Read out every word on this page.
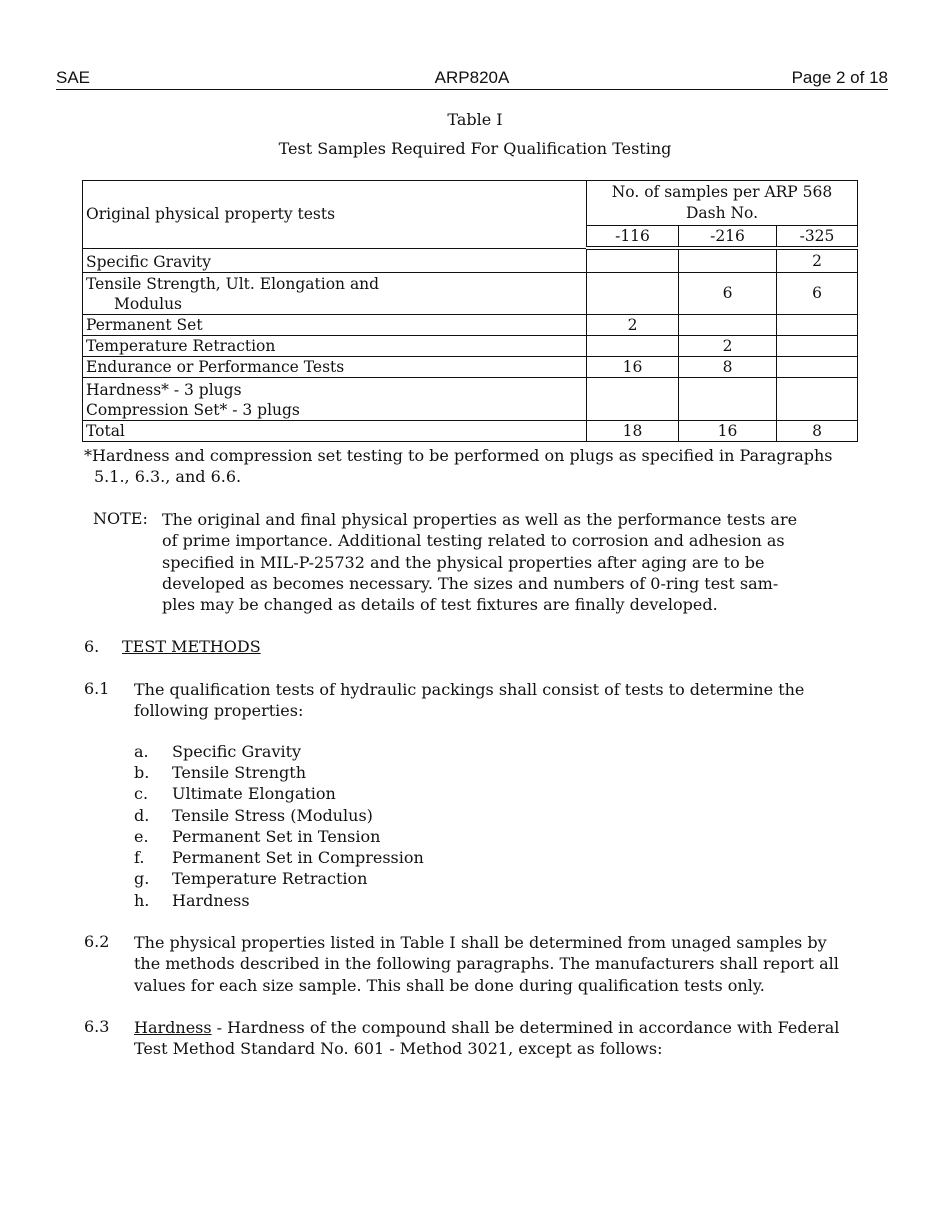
SAE	ARP820A	Page 2 of 18
Table I
Test Samples Required For Qualification Testing
Original physical property tests	No. of samples per ARP 568 Dash No.		
	-116	-216	-325
Specific Gravity			2

Tensile Strength, Ult. Elongation and
Modulus		6	6
Permanent Set	2		
Temperature Retraction		2	
Endurance or Performance Tests	16	8	

Hardness* - 3 plugs
Compression Set* - 3 plugs			

Total	18	16	8
*Hardness and compression set testing to be performed on plugs as specified in Paragraphs
5.1., 6.3., and 6.6.
NOTE: The original and final physical properties as well as the performance tests are
of prime importance. Additional testing related to corrosion and adhesion as
specified in MIL-P-25732 and the physical properties after aging are to be
developed as becomes necessary. The sizes and numbers of 0-ring test sam-
ples may be changed as details of test fixtures are finally developed.
6. TEST METHODS
6.1 The qualification tests of hydraulic packings shall consist of tests to determine the
following properties:
a. Specific Gravity
b. Tensile Strength
c. Ultimate Elongation
d. Tensile Stress (Modulus)
e. Permanent Set in Tension
f. Permanent Set in Compression
g. Temperature Retraction
h. Hardness
6.2 The physical properties listed in Table I shall be determined from unaged samples by
the methods described in the following paragraphs. The manufacturers shall report all
values for each size sample. This shall be done during qualification tests only.
6.3 Hardness - Hardness of the compound shall be determined in accordance with Federal
Test Method Standard No. 601 - Method 3021, except as follows:
